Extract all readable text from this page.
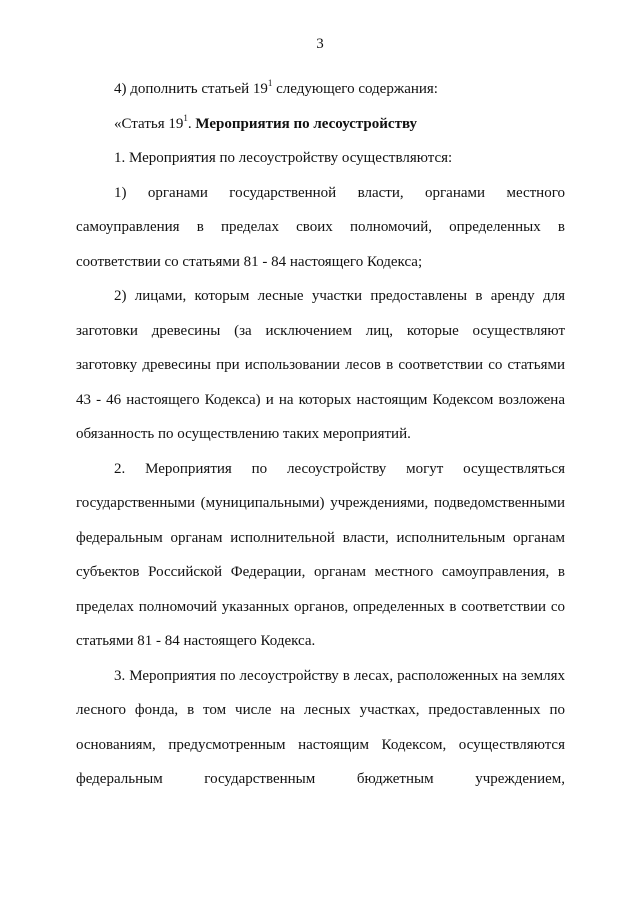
3

4) дополнить статьей $19^1$ следующего содержания:

«Статья $19^1$. Мероприятия по лесоустройству

1. Мероприятия по лесоустройству осуществляются:

1) органами государственной власти, органами местного самоуправления в пределах своих полномочий, определенных в соответствии со статьями 81 - 84 настоящего Кодекса;

2) лицами, которым лесные участки предоставлены в аренду для заготовки древесины (за исключением лиц, которые осуществляют заготовку древесины при использовании лесов в соответствии со статьями 43 - 46 настоящего Кодекса) и на которых настоящим Кодексом возложена обязанность по осуществлению таких мероприятий.

2. Мероприятия по лесоустройству могут осуществляться государственными (муниципальными) учреждениями, подведомственными федеральным органам исполнительной власти, исполнительным органам субъектов Российской Федерации, органам местного самоуправления, в пределах полномочий указанных органов, определенных в соответствии со статьями 81 - 84 настоящего Кодекса.

3. Мероприятия по лесоустройству в лесах, расположенных на землях лесного фонда, в том числе на лесных участках, предоставленных по основаниям, предусмотренным настоящим Кодексом, осуществляются федеральным государственным бюджетным учреждением,
